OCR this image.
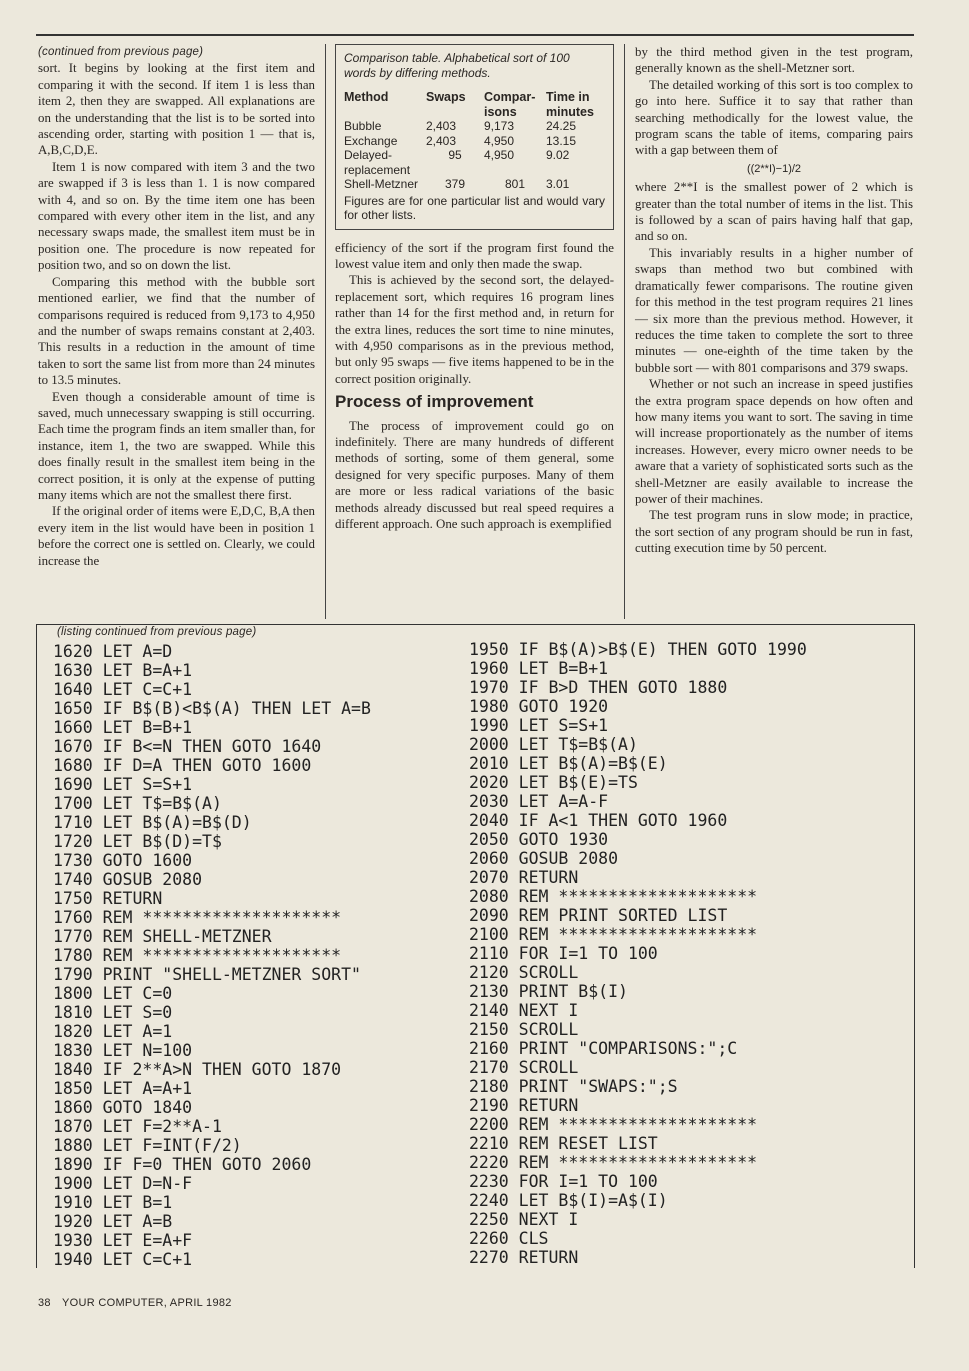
(continued from previous page)

sort. It begins by looking at the first item and comparing it with the second. If item 1 is less than item 2, then they are swapped. All explanations are on the understanding that the list is to be sorted into ascending order, starting with position 1 — that is, A,B,C,D,E.

Item 1 is now compared with item 3 and the two are swapped if 3 is less than 1. 1 is now compared with 4, and so on. By the time item one has been compared with every other item in the list, and any necessary swaps made, the smallest item must be in position one. The procedure is now repeated for position two, and so on down the list.

Comparing this method with the bubble sort mentioned earlier, we find that the number of comparisons required is reduced from 9,173 to 4,950 and the number of swaps remains constant at 2,403. This results in a reduction in the amount of time taken to sort the same list from more than 24 minutes to 13.5 minutes.

Even though a considerable amount of time is saved, much unnecessary swapping is still occurring. Each time the program finds an item smaller than, for instance, item 1, the two are swapped. While this does finally result in the smallest item being in the correct position, it is only at the expense of putting many items which are not the smallest there first.

If the original order of items were E,D,C, B,A then every item in the list would have been in position 1 before the correct one is settled on. Clearly, we could increase the

Comparison table. Alphabetical sort of 100 words by differing methods.
Method	Swaps	Compar-isons	Time in minutes
Bubble	2,403	9,173	24.25
Exchange	2,403	4,950	13.15
Delayed-replacement	95	4,950	9.02
Shell-Metzner	379	801	3.01
Figures are for one particular list and would vary for other lists.

efficiency of the sort if the program first found the lowest value item and only then made the swap.

This is achieved by the second sort, the delayed-replacement sort, which requires 16 program lines rather than 14 for the first method and, in return for the extra lines, reduces the sort time to nine minutes, with 4,950 comparisons as in the previous method, but only 95 swaps — five items happened to be in the correct position originally.

Process of improvement

The process of improvement could go on indefinitely. There are many hundreds of different methods of sorting, some of them general, some designed for very specific purposes. Many of them are more or less radical variations of the basic methods already discussed but real speed requires a different approach. One such approach is exemplified

by the third method given in the test program, generally known as the shell-Metzner sort.

The detailed working of this sort is too complex to go into here. Suffice it to say that rather than searching methodically for the lowest value, the program scans the table of items, comparing pairs with a gap between them of

((2**I)−1)/2

where 2**I is the smallest power of 2 which is greater than the total number of items in the list. This is followed by a scan of pairs having half that gap, and so on.

This invariably results in a higher number of swaps than method two but combined with dramatically fewer comparisons. The routine given for this method in the test program requires 21 lines — six more than the previous method. However, it reduces the time taken to complete the sort to three minutes — one-eighth of the time taken by the bubble sort — with 801 comparisons and 379 swaps.

Whether or not such an increase in speed justifies the extra program space depends on how often and how many items you want to sort. The saving in time will increase proportionately as the number of items increases. However, every micro owner needs to be aware that a variety of sophisticated sorts such as the shell-Metzner are easily available to increase the power of their machines.

The test program runs in slow mode; in practice, the sort section of any program should be run in fast, cutting execution time by 50 percent.

(listing continued from previous page)
1620 LET A=D
1630 LET B=A+1
1640 LET C=C+1
1650 IF B$(B)<B$(A) THEN LET A=B
1660 LET B=B+1
1670 IF B<=N THEN GOTO 1640
1680 IF D=A THEN GOTO 1600
1690 LET S=S+1
1700 LET T$=B$(A)
1710 LET B$(A)=B$(D)
1720 LET B$(D)=T$
1730 GOTO 1600
1740 GOSUB 2080
1750 RETURN
1760 REM ********************
1770 REM SHELL-METZNER
1780 REM ********************
1790 PRINT "SHELL-METZNER SORT"
1800 LET C=0
1810 LET S=0
1820 LET A=1
1830 LET N=100
1840 IF 2**A>N THEN GOTO 1870
1850 LET A=A+1
1860 GOTO 1840
1870 LET F=2**A-1
1880 LET F=INT(F/2)
1890 IF F=0 THEN GOTO 2060
1900 LET D=N-F
1910 LET B=1
1920 LET A=B
1930 LET E=A+F
1940 LET C=C+1
1950 IF B$(A)>B$(E) THEN GOTO 1990
1960 LET B=B+1
1970 IF B>D THEN GOTO 1880
1980 GOTO 1920
1990 LET S=S+1
2000 LET T$=B$(A)
2010 LET B$(A)=B$(E)
2020 LET B$(E)=TS
2030 LET A=A-F
2040 IF A<1 THEN GOTO 1960
2050 GOTO 1930
2060 GOSUB 2080
2070 RETURN
2080 REM ********************
2090 REM PRINT SORTED LIST
2100 REM ********************
2110 FOR I=1 TO 100
2120 SCROLL
2130 PRINT B$(I)
2140 NEXT I
2150 SCROLL
2160 PRINT "COMPARISONS:";C
2170 SCROLL
2180 PRINT "SWAPS:";S
2190 RETURN
2200 REM ********************
2210 REM RESET LIST
2220 REM ********************
2230 FOR I=1 TO 100
2240 LET B$(I)=A$(I)
2250 NEXT I
2260 CLS
2270 RETURN
38 YOUR COMPUTER, APRIL 1982
